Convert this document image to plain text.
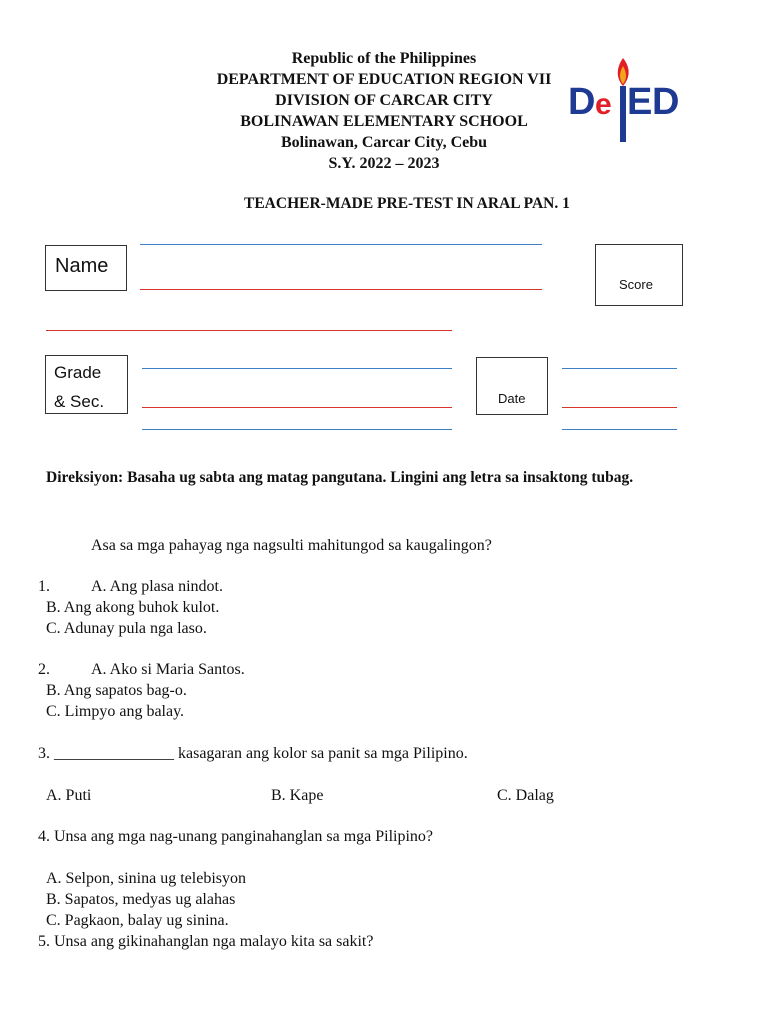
Republic of the Philippines
DEPARTMENT OF EDUCATION REGION VII
DIVISION OF CARCAR CITY
BOLINAWAN ELEMENTARY SCHOOL
Bolinawan, Carcar City, Cebu
S.Y. 2022 – 2023
D e E D
TEACHER-MADE PRE-TEST IN ARAL PAN. 1
Name
Score
Grade
& Sec.	Date
Direksiyon: Basaha ug sabta ang matag pangutana. Lingini ang letra sa insaktong tubag.
Asa sa mga pahayag nga nagsulti mahitungod sa kaugalingon?
1.	A. Ang plasa nindot.
B. Ang akong buhok kulot.
C. Adunay pula nga laso.
2.	A. Ako si Maria Santos.
B. Ang sapatos bag-o.
C. Limpyo ang balay.
3. _______________ kasagaran ang kolor sa panit sa mga Pilipino.
A. Puti	B. Kape	C. Dalag
4. Unsa ang mga nag-unang panginahanglan sa mga Pilipino?
A. Selpon, sinina ug telebisyon
B. Sapatos, medyas ug alahas
C. Pagkaon, balay ug sinina.
5. Unsa ang gikinahanglan nga malayo kita sa sakit?
